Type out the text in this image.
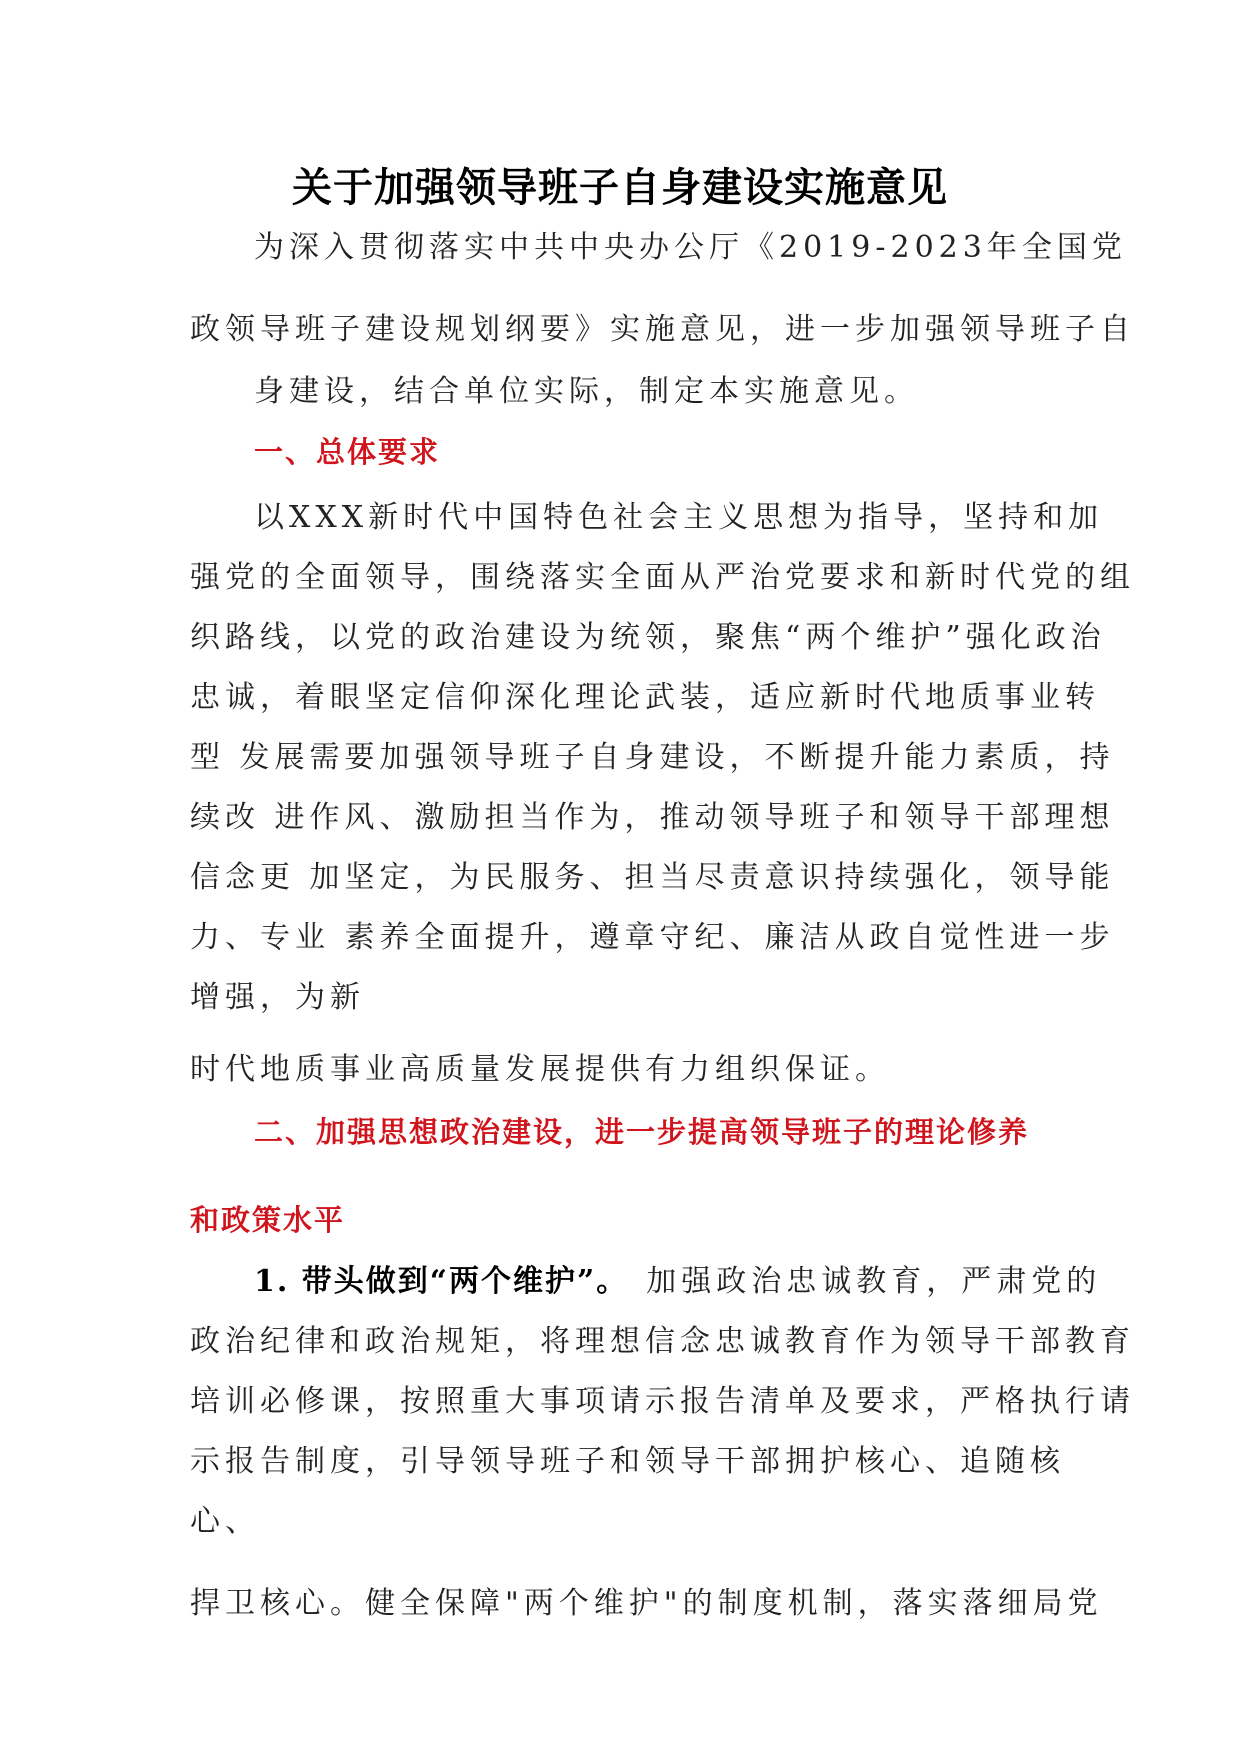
关于加强领导班子自身建设实施意见
为深入贯彻落实中共中央办公厅《2019-2023年全国党
政领导班子建设规划纲要》实施意见，进一步加强领导班子自
身建设，结合单位实际，制定本实施意见。
一、总体要求
以XXX新时代中国特色社会主义思想为指导，坚持和加
强党的全面领导，围绕落实全面从严治党要求和新时代党的组
织路线，以党的政治建设为统领，聚焦“两个维护”强化政治
忠诚，着眼坚定信仰深化理论武装，适应新时代地质事业转
型 发展需要加强领导班子自身建设，不断提升能力素质，持
续改 进作风、激励担当作为，推动领导班子和领导干部理想
信念更 加坚定，为民服务、担当尽责意识持续强化，领导能
力、专业 素养全面提升，遵章守纪、廉洁从政自觉性进一步
增强，为新
时代地质事业高质量发展提供有力组织保证。
二、加强思想政治建设，进一步提高领导班子的理论修养
和政策水平
1. 带头做到“两个维护”。 加强政治忠诚教育，严肃党的
政治纪律和政治规矩，将理想信念忠诚教育作为领导干部教育
培训必修课，按照重大事项请示报告清单及要求，严格执行请
示报告制度，引导领导班子和领导干部拥护核心、追随核
心、
捍卫核心。健全保障"两个维护"的制度机制，落实落细局党
